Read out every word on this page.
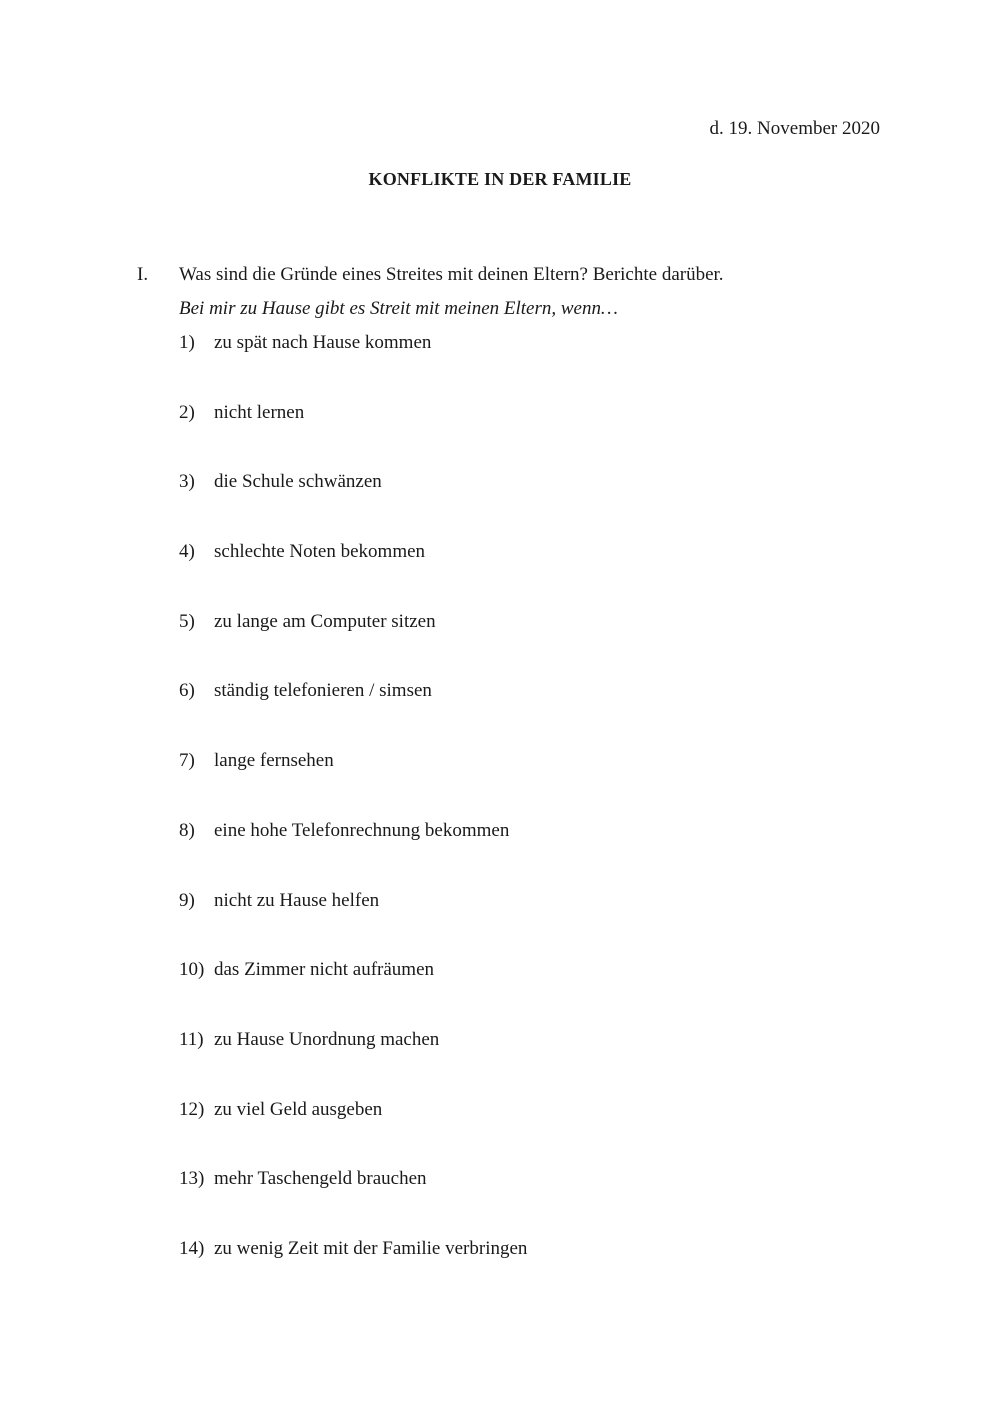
d. 19. November 2020
KONFLIKTE IN DER FAMILIE
I. Was sind die Gründe eines Streites mit deinen Eltern? Berichte darüber.
Bei mir zu Hause gibt es Streit mit meinen Eltern, wenn…
1)	zu spät nach Hause kommen
2)	nicht lernen
3)	die Schule schwänzen
4)	schlechte Noten bekommen
5)	zu lange am Computer sitzen
6)	ständig telefonieren / simsen
7)	lange fernsehen
8)	eine hohe Telefonrechnung bekommen
9)	nicht zu Hause helfen
10) das Zimmer nicht aufräumen
11) zu Hause Unordnung machen
12) zu viel Geld ausgeben
13) mehr Taschengeld brauchen
14) zu wenig Zeit mit der Familie verbringen
